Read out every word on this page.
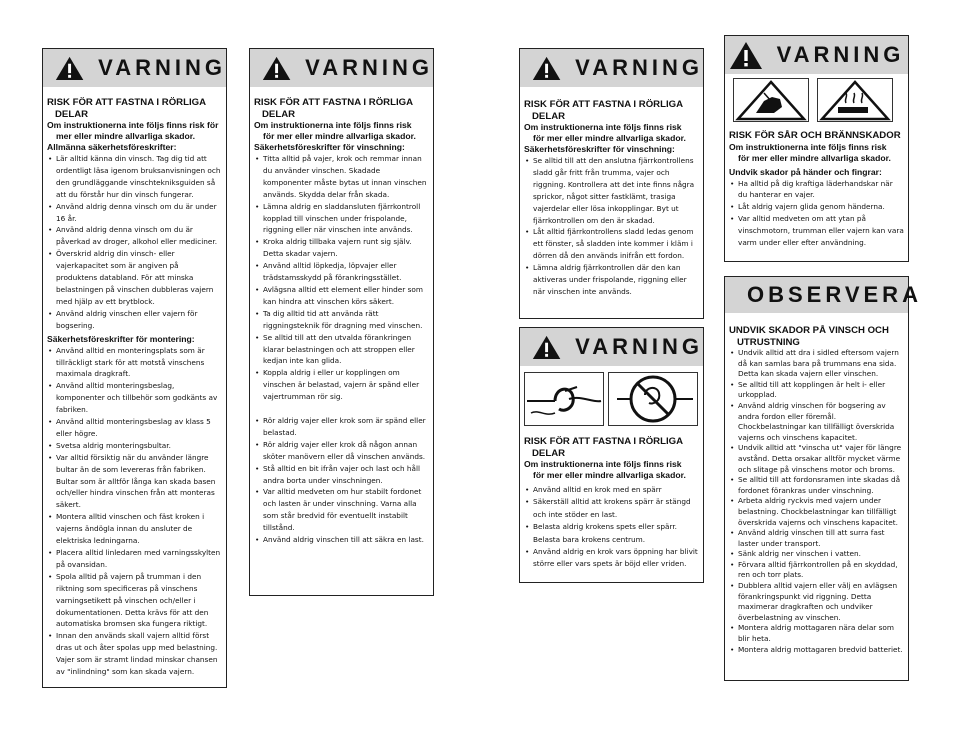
VARNING
RISK FÖR ATT FASTNA I RÖRLIGA
DELAR
Om instruktionerna inte följs finns risk för
mer eller mindre allvarliga skador.
Allmänna säkerhetsföreskrifter:
• Lär alltid känna din vinsch. Tag dig tid att ordentligt läsa igenom bruksanvisningen och den grundläggande vinschtekniksguiden så att du förstår hur din vinsch fungerar.
• Använd aldrig denna vinsch om du är under 16 år.
• Använd aldrig denna vinsch om du är påverkad av droger, alkohol eller mediciner.
• Överskrid aldrig din vinsch- eller vajerkapacitet som är angiven på produktens databland. För att minska belastningen på vinschen dubbleras vajern med hjälp av ett brytblock.
• Använd aldrig vinschen eller vajern för bogsering.
Säkerhetsföreskrifter för montering:
• Använd alltid en monteringsplats som är tillräckligt stark för att motstå vinschens maximala dragkraft.
• Använd alltid monteringsbeslag, komponenter och tillbehör som godkänts av fabriken.
• Använd alltid monteringsbeslag av klass 5 eller högre.
• Svetsa aldrig monteringsbultar.
• Var alltid försiktig när du använder längre bultar än de som levereras från fabriken. Bultar som är alltför långa kan skada basen och/eller hindra vinschen från att monteras säkert.
• Montera alltid vinschen och fäst kroken i vajerns ändögla innan du ansluter de elektriska ledningarna.
• Placera alltid linledaren med varningsskylten på ovansidan.
• Spola alltid på vajern på trumman i den riktning som specificeras på vinschens varningsetikett på vinschen och/eller i dokumentationen. Detta krävs för att den automatiska bromsen ska fungera riktigt.
• Innan den används skall vajern alltid först dras ut och åter spolas upp med belastning. Vajer som är stramt lindad minskar chansen av "inlindning" som kan skada vajern.
VARNING
RISK FÖR ATT FASTNA I RÖRLIGA
DELAR
Om instruktionerna inte följs finns risk
för mer eller mindre allvarliga skador.
Säkerhetsföreskrifter för vinschning:
• Titta alltid på vajer, krok och remmar innan du använder vinschen. Skadade komponenter måste bytas ut innan vinschen används. Skydda delar från skada.
• Lämna aldrig en sladdansluten fjärrkontroll kopplad till vinschen under frispolande, riggning eller när vinschen inte används.
• Kroka aldrig tillbaka vajern runt sig själv. Detta skadar vajern.
• Använd alltid löpkedja, löpvajer eller trädstamsskydd på förankringsstället.
• Avlägsna alltid ett element eller hinder som kan hindra att vinschen körs säkert.
• Ta dig alltid tid att använda rätt riggningsteknik för dragning med vinschen.
• Se alltid till att den utvalda förankringen klarar belastningen och att stroppen eller kedjan inte kan glida.
• Koppla aldrig i eller ur kopplingen om vinschen är belastad, vajern är spänd eller vajertrumman rör sig.
• Rör aldrig vajer eller krok som är spänd eller belastad.
• Rör aldrig vajer eller krok då någon annan sköter manövern eller då vinschen används.
• Stå alltid en bit ifrån vajer och last och håll andra borta under vinschningen.
• Var alltid medveten om hur stabilt fordonet och lasten är under vinschning. Varna alla som står bredvid för eventuellt instabilt tillstånd.
• Använd aldrig vinschen till att säkra en last.
VARNING
RISK FÖR ATT FASTNA I RÖRLIGA
DELAR
Om instruktionerna inte följs finns risk
för mer eller mindre allvarliga skador.
Säkerhetsföreskrifter för vinschning:
• Se alltid till att den anslutna fjärrkontrollens sladd går fritt från trumma, vajer och riggning. Kontrollera att det inte finns några sprickor, något sitter fastklämt, trasiga vajerdelar eller lösa inkopplingar. Byt ut fjärrkontrollen om den är skadad.
• Låt alltid fjärrkontrollens sladd ledas genom ett fönster, så sladden inte kommer i kläm i dörren då den används inifrån ett fordon.
• Lämna aldrig fjärrkontrollen där den kan aktiveras under frispolande, riggning eller när vinschen inte används.
VARNING
RISK FÖR ATT FASTNA I RÖRLIGA
DELAR
Om instruktionerna inte följs finns risk
för mer eller mindre allvarliga skador.
• Använd alltid en krok med en spärr
• Säkerställ alltid att krokens spärr är stängd och inte stöder en last.
• Belasta aldrig krokens spets eller spärr. Belasta bara krokens centrum.
• Använd aldrig en krok vars öppning har blivit större eller vars spets är böjd eller vriden.
VARNING
RISK FÖR SÅR OCH BRÄNNSKADOR
Om instruktionerna inte följs finns risk
för mer eller mindre allvarliga skador.
Undvik skador på händer och fingrar:
• Ha alltid på dig kraftiga läderhandskar när du hanterar en vajer.
• Låt aldrig vajern glida genom händerna.
• Var alltid medveten om att ytan på vinschmotorn, trumman eller vajern kan vara varm under eller efter användning.
OBSERVERA
UNDVIK SKADOR PÅ VINSCH OCH
UTRUSTNING
• Undvik alltid att dra i sidled eftersom vajern då kan samlas bara på trummans ena sida. Detta kan skada vajern eller vinschen.
• Se alltid till att kopplingen är helt i- eller urkopplad.
• Använd aldrig vinschen för bogsering av andra fordon eller föremål. Chockbelastningar kan tillfälligt överskrida vajerns och vinschens kapacitet.
• Undvik alltid att "vinscha ut" vajer för längre avstånd. Detta orsakar alltför mycket värme och slitage på vinschens motor och broms.
• Se alltid till att fordonsramen inte skadas då fordonet förankras under vinschning.
• Arbeta aldrig ryckvis med vajern under belastning. Chockbelastningar kan tillfälligt överskrida vajerns och vinschens kapacitet.
• Använd aldrig vinschen till att surra fast laster under transport.
• Sänk aldrig ner vinschen i vatten.
• Förvara alltid fjärrkontrollen på en skyddad, ren och torr plats.
• Dubblera alltid vajern eller välj en avlägsen förankringspunkt vid riggning. Detta maximerar dragkraften och undviker överbelastning av vinschen.
• Montera aldrig mottagaren nära delar som blir heta.
• Montera aldrig mottagaren bredvid batteriet.
